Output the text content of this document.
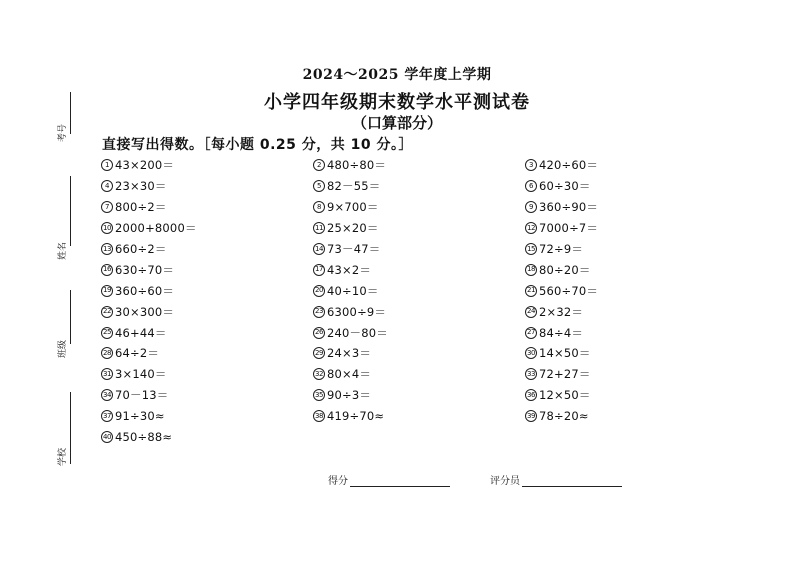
考号
姓名
班级
学校
2024～2025 学年度上学期
小学四年级期末数学水平测试卷
（口算部分）
直接写出得数。［每小题 0.25 分，共 10 分。］
1 43×200＝	2 480÷80＝	3 420÷60＝
4 23×30＝	5 82－55＝	6 60÷30＝
7 800÷2＝	8 9×700＝	9 360÷90＝
10 2000+8000＝	11 25×20＝	12 7000÷7＝
13 660÷2＝	14 73－47＝	15 72÷9＝
16 630÷70＝	17 43×2＝	18 80÷20＝
19 360÷60＝	20 40÷10＝	21 560÷70＝
22 30×300＝	23 6300÷9＝	24 2×32＝
25 46+44＝	26 240－80＝	27 84÷4＝
28 64÷2＝	29 24×3＝	30 14×50＝
31 3×140＝	32 80×4＝	33 72+27＝
34 70－13＝	35 90÷3＝	36 12×50＝
37 91÷30≈	38 419÷70≈	39 78÷20≈
40 450÷88≈
得分	评分员
